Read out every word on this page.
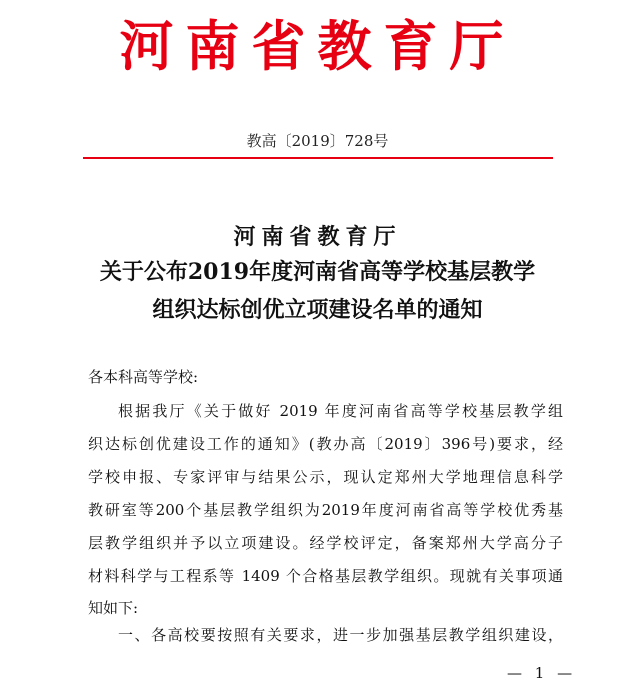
河南省教育厅
教高〔2019〕728号
河南省教育厅
关于公布2019年度河南省高等学校基层教学
组织达标创优立项建设名单的通知
各本科高等学校:
根据我厅《关于做好 2019 年度河南省高等学校基层教学组
织达标创优建设工作的通知》(教办高〔2019〕396号)要求，经
学校申报、专家评审与结果公示，现认定郑州大学地理信息科学
教研室等200个基层教学组织为2019年度河南省高等学校优秀基
层教学组织并予以立项建设。经学校评定，备案郑州大学高分子
材料科学与工程系等 1409 个合格基层教学组织。现就有关事项通
知如下:
一、各高校要按照有关要求，进一步加强基层教学组织建设，
— 1 —
